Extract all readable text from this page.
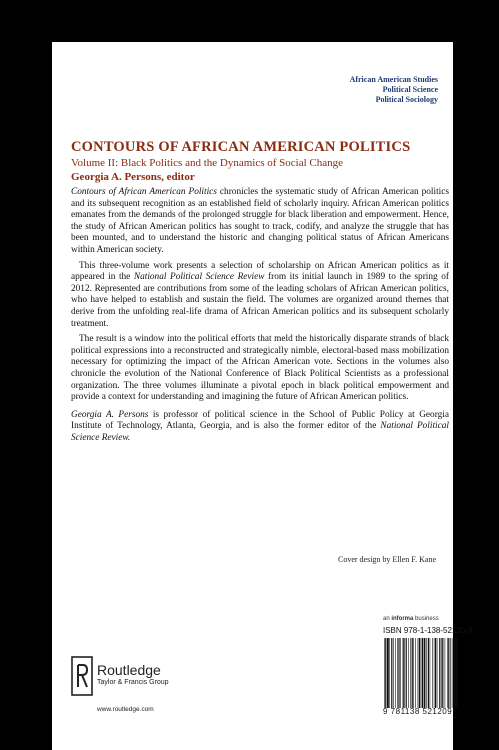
African American Studies
Political Science
Political Sociology
CONTOURS OF AFRICAN AMERICAN POLITICS
Volume II: Black Politics and the Dynamics of Social Change
Georgia A. Persons, editor

Contours of African American Politics chronicles the systematic study of African American politics and its subsequent recognition as an established field of scholarly inquiry. African American politics emanates from the demands of the prolonged struggle for black liberation and empowerment. Hence, the study of African American politics has sought to track, codify, and analyze the struggle that has been mounted, and to understand the historic and changing political status of African Americans within American society.

This three-volume work presents a selection of scholarship on African American politics as it appeared in the National Political Science Review from its initial launch in 1989 to the spring of 2012. Represented are contributions from some of the leading scholars of African American politics, who have helped to establish and sustain the field. The volumes are organized around themes that derive from the unfolding real-life drama of African American politics and its subsequent scholarly treatment.

The result is a window into the political efforts that meld the historically disparate strands of black political expressions into a reconstructed and strategically nimble, electoral-based mass mobilization necessary for optimizing the impact of the African American vote. Sections in the volumes also chronicle the evolution of the National Conference of Black Political Scientists as a professional organization. The three volumes illuminate a pivotal epoch in black political empowerment and provide a context for understanding and imagining the future of African American politics.

Georgia A. Persons is professor of political science in the School of Public Policy at Georgia Institute of Technology, Atlanta, Georgia, and is also the former editor of the National Political Science Review.

Cover design by Ellen F. Kane
Routledge
Taylor & Francis Group
www.routledge.com
an informa business
ISBN 978-1-138-52120-9
9 781138 521209
